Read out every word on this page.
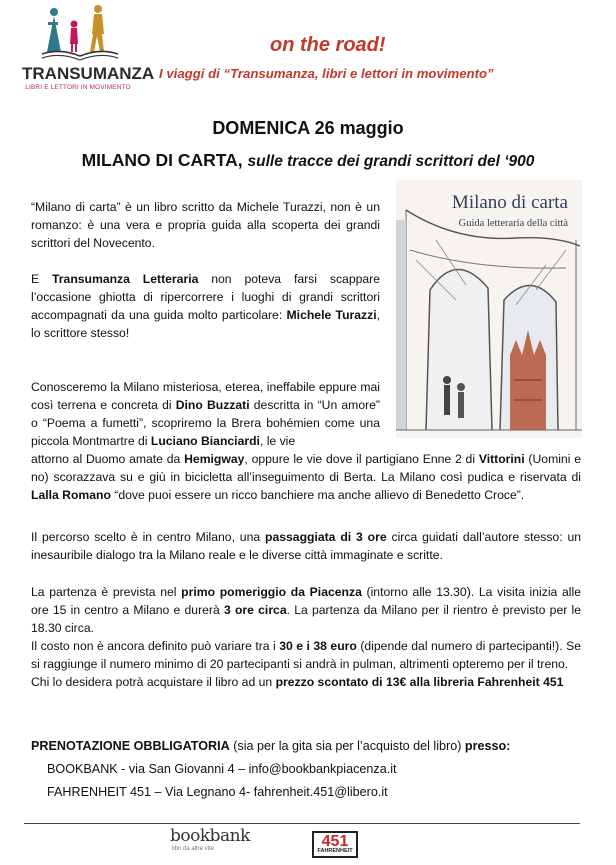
TRANSUMANZA
LIBRI E LETTORI IN MOVIMENTO
on the road!
I viaggi di “Transumanza, libri e lettori in movimento”
DOMENICA 26 maggio
MILANO DI CARTA, sulle tracce dei grandi scrittori del ‘900
Milano di carta
Guida letteraria della città

“Milano di carta” è un libro scritto da Michele Turazzi, non è un romanzo: è una vera e propria guida alla scoperta dei grandi scrittori del Novecento.

E Transumanza Letteraria non poteva farsi scappare l’occasione ghiotta di ripercorrere i luoghi di grandi scrittori accompagnati da una guida molto particolare: Michele Turazzi, lo scrittore stesso!

Conosceremo la Milano misteriosa, eterea, ineffabile eppure mai così terrena e concreta di Dino Buzzati descritta in “Un amore” o “Poema a fumetti”, scopriremo la Brera bohémien come una piccola Montmartre di Luciano Bianciardi, le vie

attorno al Duomo amate da Hemigway, oppure le vie dove il partigiano Enne 2 di Vittorini (Uomini e no) scorazzava su e giù in bicicletta all’inseguimento di Berta. La Milano così pudica e riservata di Lalla Romano “dove puoi essere un ricco banchiere ma anche allievo di Benedetto Croce”.

Il percorso scelto è in centro Milano, una passaggiata di 3 ore circa guidati dall’autore stesso: un inesauribile dialogo tra la Milano reale e le diverse città immaginate e scritte.

La partenza è prevista nel primo pomeriggio da Piacenza (intorno alle 13.30). La visita inizia alle ore 15 in centro a Milano e durerà 3 ore circa. La partenza da Milano per il rientro è previsto per le 18.30 circa.
Il costo non è ancora definito può variare tra i 30 e i 38 euro (dipende dal numero di partecipanti!). Se si raggiunge il numero minimo di 20 partecipanti si andrà in pulman, altrimenti opteremo per il treno.
Chi lo desidera potrà acquistare il libro ad un prezzo scontato di 13€ alla libreria Fahrenheit 451

PRENOTAZIONE OBBLIGATORIA (sia per la gita sia per l’acquisto del libro) presso:
BOOKBANK - via San Giovanni 4 – info@bookbankpiacenza.it
FAHRENHEIT 451 – Via Legnano 4- fahrenheit.451@libero.it
bookbank
libri da altre vite	451
FAHRENHEIT
